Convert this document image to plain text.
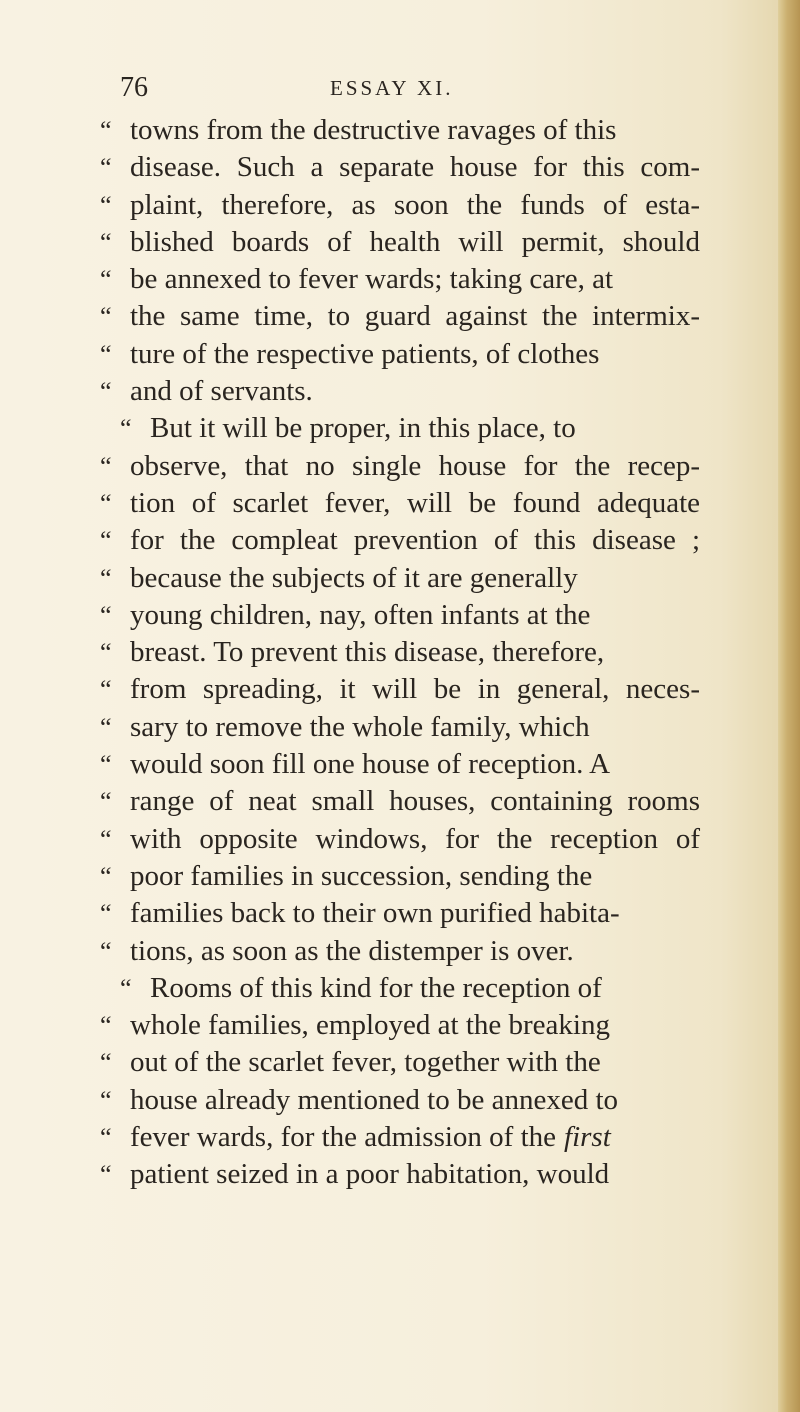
76	ESSAY XI.
“ towns from the destructive ravages of this
“ disease. Such a separate house for this com-
“ plaint, therefore, as soon the funds of esta-
“ blished boards of health will permit, should
“ be annexed to fever wards; taking care, at
“ the same time, to guard against the intermix-
“ ture of the respective patients, of clothes
“ and of servants.
“ But it will be proper, in this place, to
“ observe, that no single house for the recep-
“ tion of scarlet fever, will be found adequate
“ for the compleat prevention of this disease ;
“ because the subjects of it are generally
“ young children, nay, often infants at the
“ breast. To prevent this disease, therefore,
“ from spreading, it will be in general, neces-
“ sary to remove the whole family, which
“ would soon fill one house of reception. A
“ range of neat small houses, containing rooms
“ with opposite windows, for the reception of
“ poor families in succession, sending the
“ families back to their own purified habita-
“ tions, as soon as the distemper is over.
“ Rooms of this kind for the reception of
“ whole families, employed at the breaking
“ out of the scarlet fever, together with the
“ house already mentioned to be annexed to
“ fever wards, for the admission of the first
“ patient seized in a poor habitation, would
